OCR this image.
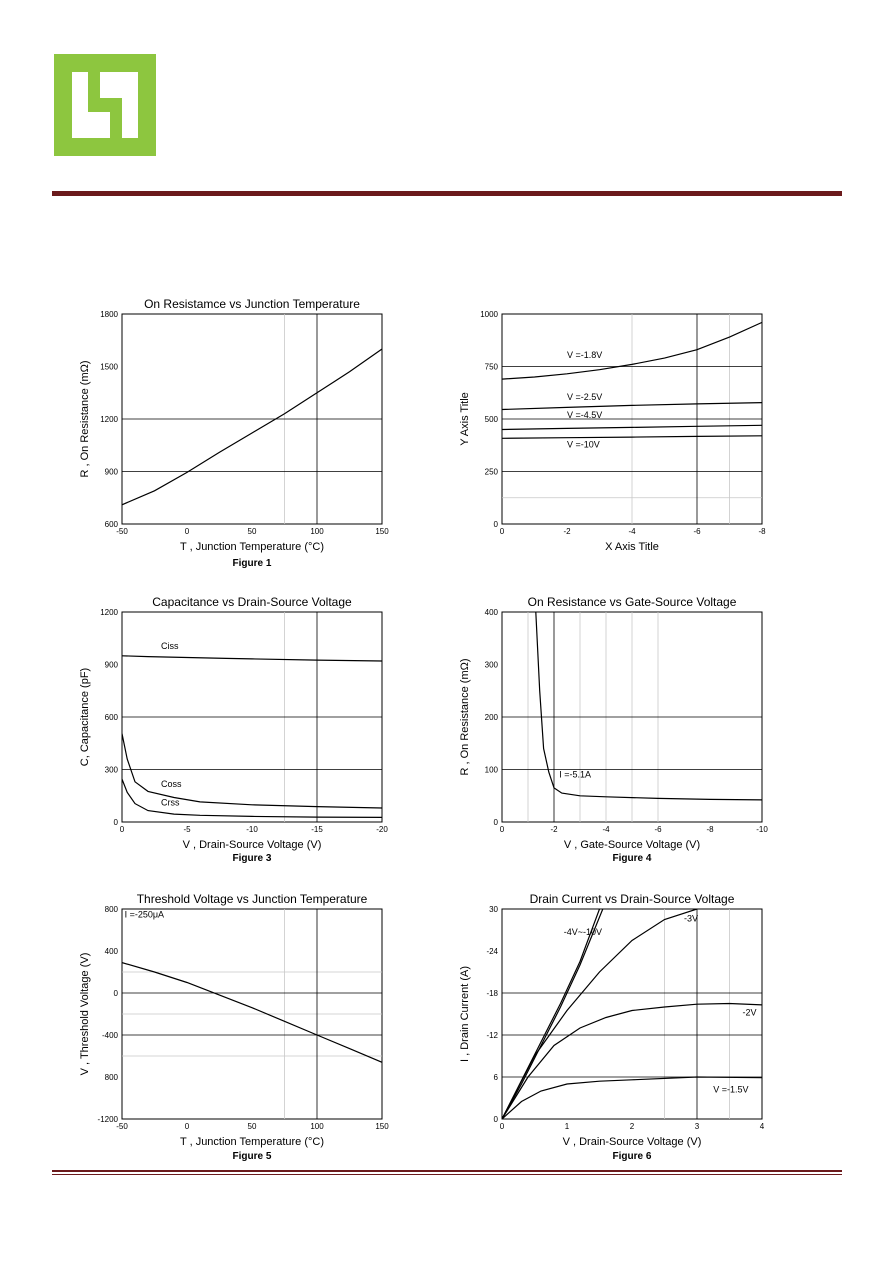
-50	0	50	100	150
600
900
1200
1500
1800
On Resistamce vs Junction Temperature
T , Junction Temperature (°C)
R , On Resistance (mΩ)
0	-2	-4	-6	-8
0
250
500
750
1000
X Axis Title
Y Axis Title
V =-1.8V
V =-2.5V
V =-4.5V
V =-10V
0	-5	-10	-15	-20
0
300
600
900
1200
Capacitance vs Drain-Source Voltage
V , Drain-Source Voltage (V)
C, Capacitance (pF)
Ciss
Coss
Crss
0	-2	-4	-6	-8	-10
0
100
200
300
400
On Resistance vs Gate-Source Voltage
V , Gate-Source Voltage (V)
R , On Resistance (mΩ)	I =-5.1A
-50	0	50	100	150
-1200
800
-400
0
400
800
Threshold Voltage vs Junction Temperature
T , Junction Temperature (°C)
V , Threshold Voltage (V)
I =-250μA
0	1	2	3	4
0
6
-12
-18
-24
30
Drain Current vs Drain-Source Voltage
V , Drain-Source Voltage (V)
I , Drain Current (A)
-4V~-10V
-3V
-2V
V =-1.5V
Figure 1
Figure 3	Figure 4
Figure 5	Figure 6
